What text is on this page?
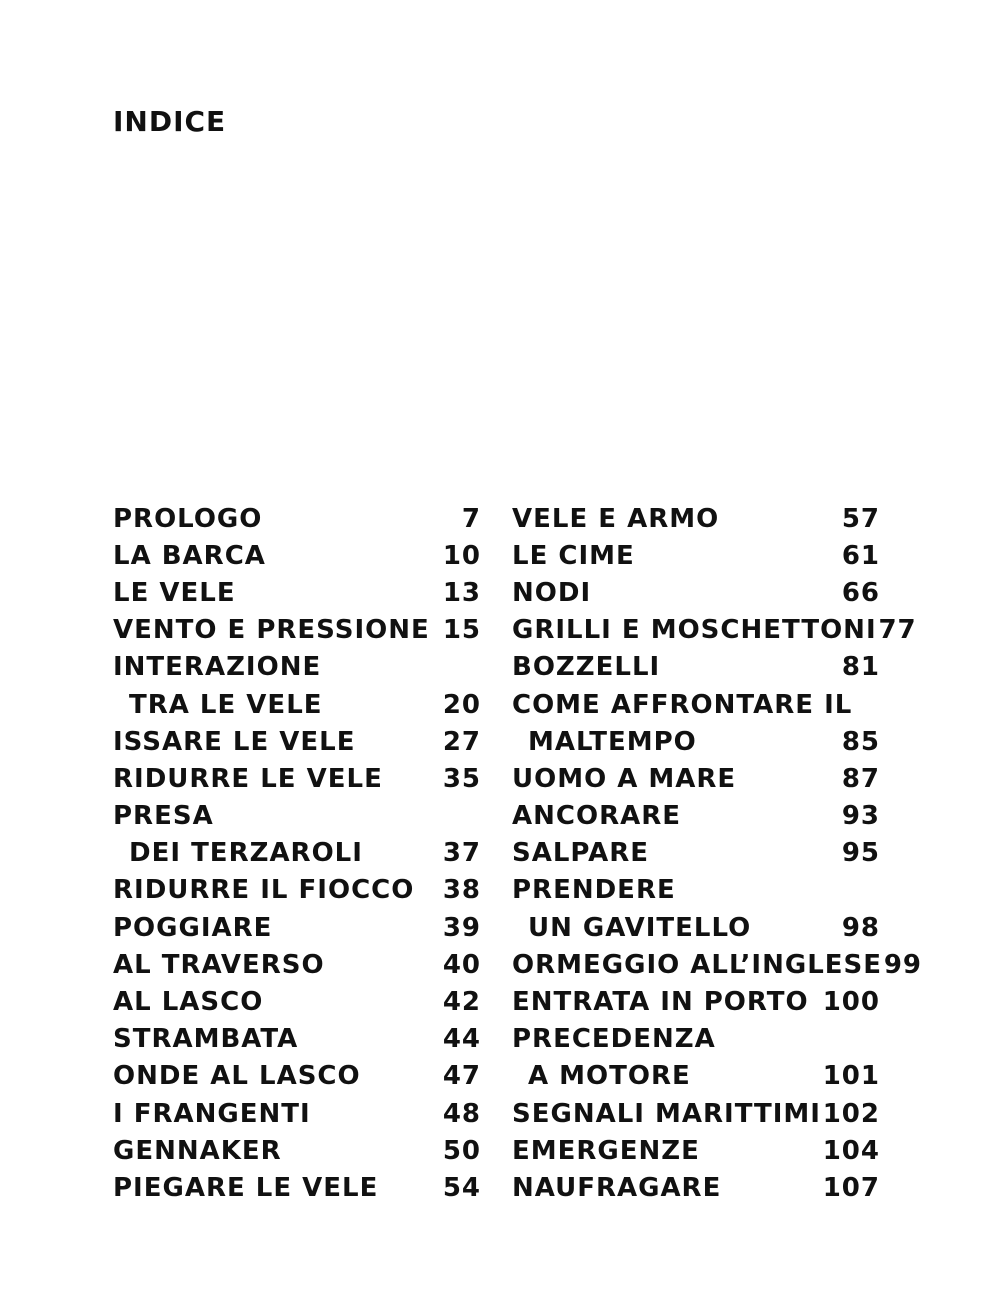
INDICE
PROLOGO	7
LA BARCA	10
LE VELE	13
VENTO E PRESSIONE 15
INTERAZIONE
TRA LE VELE	20
ISSARE LE VELE	27
RIDURRE LE VELE 35
PRESA
DEI TERZAROLI	37
RIDURRE IL FIOCCO 38
POGGIARE	39
AL TRAVERSO	40
AL LASCO	42
STRAMBATA	44
ONDE AL LASCO	47
I FRANGENTI	48
GENNAKER	50
PIEGARE LE VELE 54
VELE E ARMO	57
LE CIME	61
NODI	66
GRILLI E MOSCHETTONI 77
BOZZELLI	81
COME AFFRONTARE IL
MALTEMPO	85
UOMO A MARE	87
ANCORARE	93
SALPARE	95
PRENDERE
UN GAVITELLO	98
ORMEGGIO ALL’INGLESE 99
ENTRATA IN PORTO 100
PRECEDENZA
A MOTORE	101
SEGNALI MARITTIMI 102
EMERGENZE	104
NAUFRAGARE	107
